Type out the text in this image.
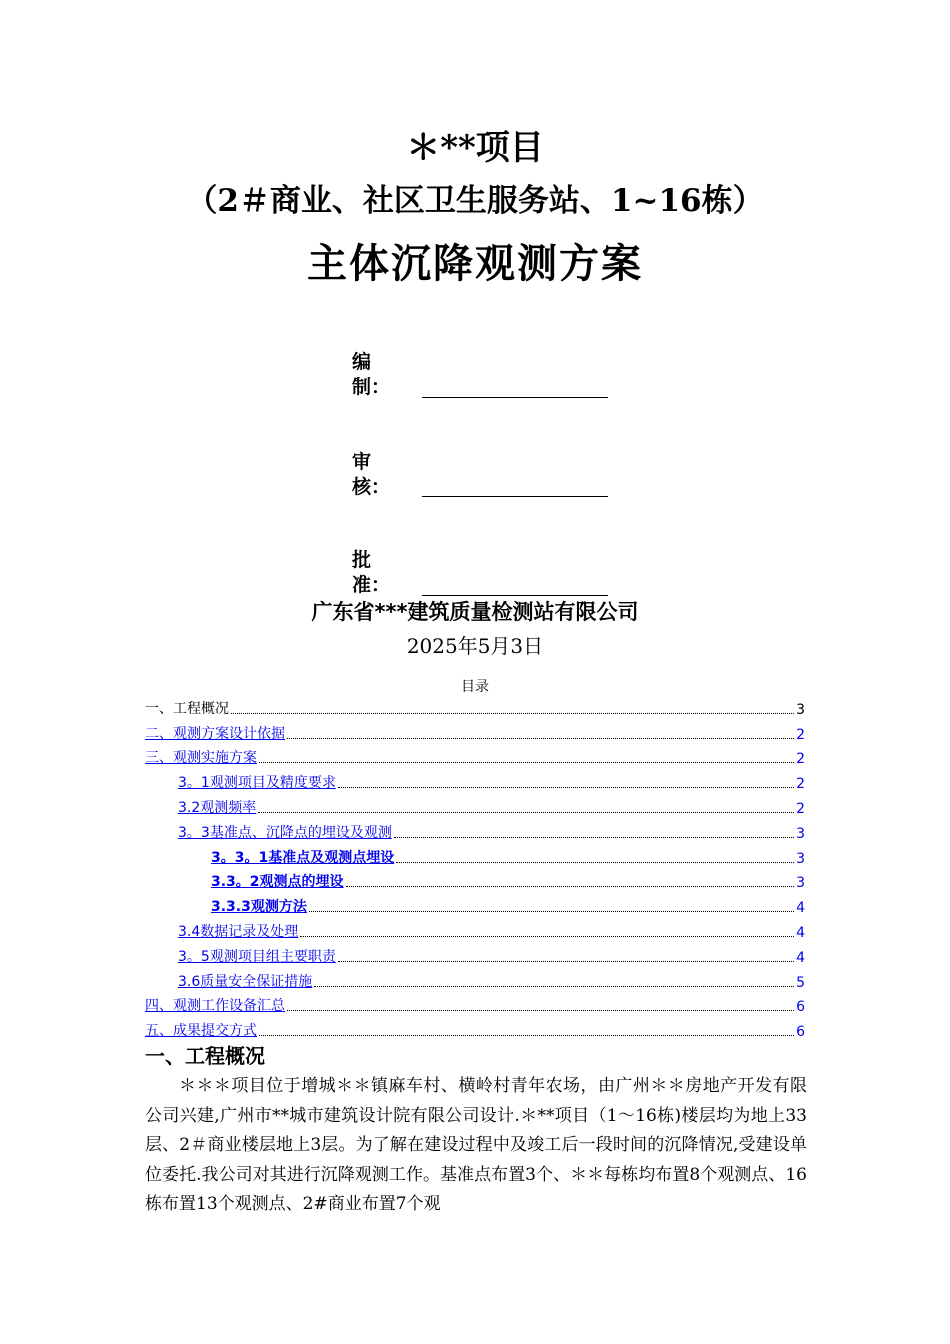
＊**项目
（2＃商业、社区卫生服务站、1~16栋）
主体沉降观测方案
编制：
审核：
批准：
广东省***建筑质量检测站有限公司
2025年5月3日
目录
一、工程概况	3
二、观测方案设计依据	2
三、观测实施方案	2
3。1观测项目及精度要求	2
3.2观测频率	2
3。3基准点、沉降点的埋设及观测	3
3。3。1基准点及观测点埋设	3
3.3。2观测点的埋设	3
3.3.3观测方法	4
3.4数据记录及处理	4
3。5观测项目组主要职责	4
3.6质量安全保证措施	5
四、观测工作设备汇总	6
五、成果提交方式	6
一、工程概况
＊＊＊项目位于增城＊＊镇麻车村、横岭村青年农场，由广州＊＊房地产开发有限公司兴建,广州市**城市建筑设计院有限公司设计.＊**项目（1～16栋)楼层均为地上33层、2＃商业楼层地上3层。为了解在建设过程中及竣工后一段时间的沉降情况,受建设单位委托.我公司对其进行沉降观测工作。基准点布置3个、＊＊每栋均布置8个观测点、16栋布置13个观测点、2#商业布置7个观
